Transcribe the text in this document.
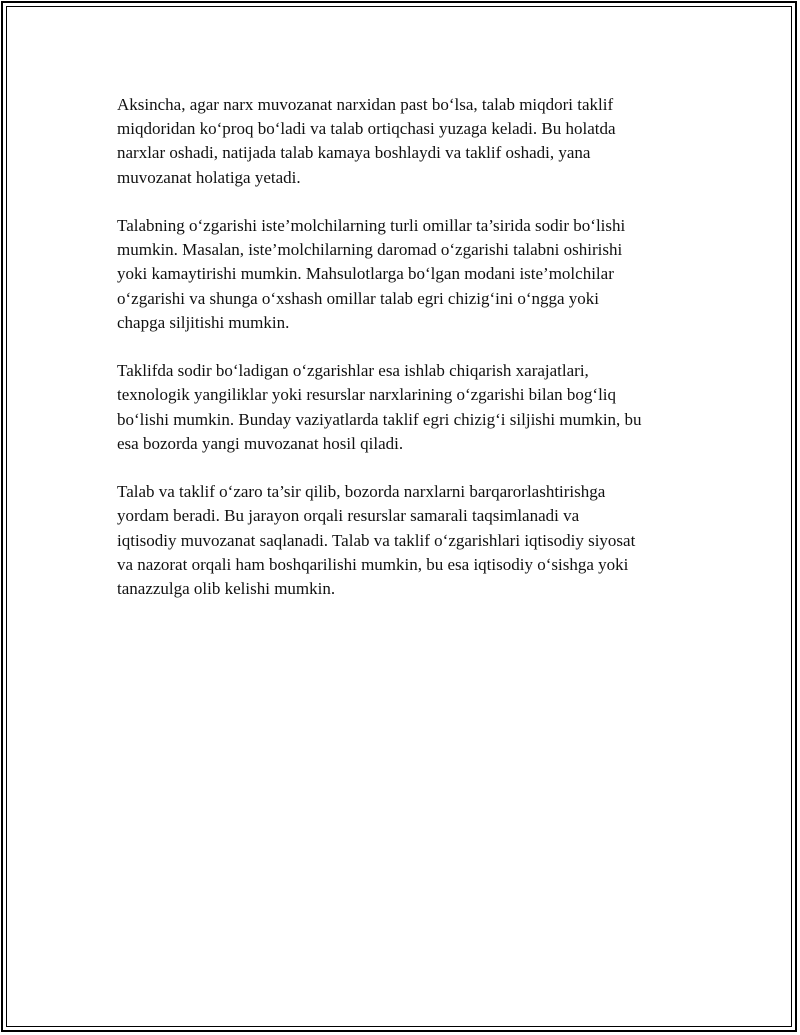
Aksincha, agar narx muvozanat narxidan past bo‘lsa, talab miqdori taklif
miqdoridan ko‘proq bo‘ladi va talab ortiqchasi yuzaga keladi. Bu holatda
narxlar oshadi, natijada talab kamaya boshlaydi va taklif oshadi, yana
muvozanat holatiga yetadi.

Talabning o‘zgarishi iste’molchilarning turli omillar ta’sirida sodir bo‘lishi
mumkin. Masalan, iste’molchilarning daromad o‘zgarishi talabni oshirishi
yoki kamaytirishi mumkin. Mahsulotlarga bo‘lgan modani iste’molchilar
o‘zgarishi va shunga o‘xshash omillar talab egri chizig‘ini o‘ngga yoki
chapga siljitishi mumkin.

Taklifda sodir bo‘ladigan o‘zgarishlar esa ishlab chiqarish xarajatlari,
texnologik yangiliklar yoki resurslar narxlarining o‘zgarishi bilan bog‘liq
bo‘lishi mumkin. Bunday vaziyatlarda taklif egri chizig‘i siljishi mumkin, bu
esa bozorda yangi muvozanat hosil qiladi.

Talab va taklif o‘zaro ta’sir qilib, bozorda narxlarni barqarorlashtirishga
yordam beradi. Bu jarayon orqali resurslar samarali taqsimlanadi va
iqtisodiy muvozanat saqlanadi. Talab va taklif o‘zgarishlari iqtisodiy siyosat
va nazorat orqali ham boshqarilishi mumkin, bu esa iqtisodiy o‘sishga yoki
tanazzulga olib kelishi mumkin.
